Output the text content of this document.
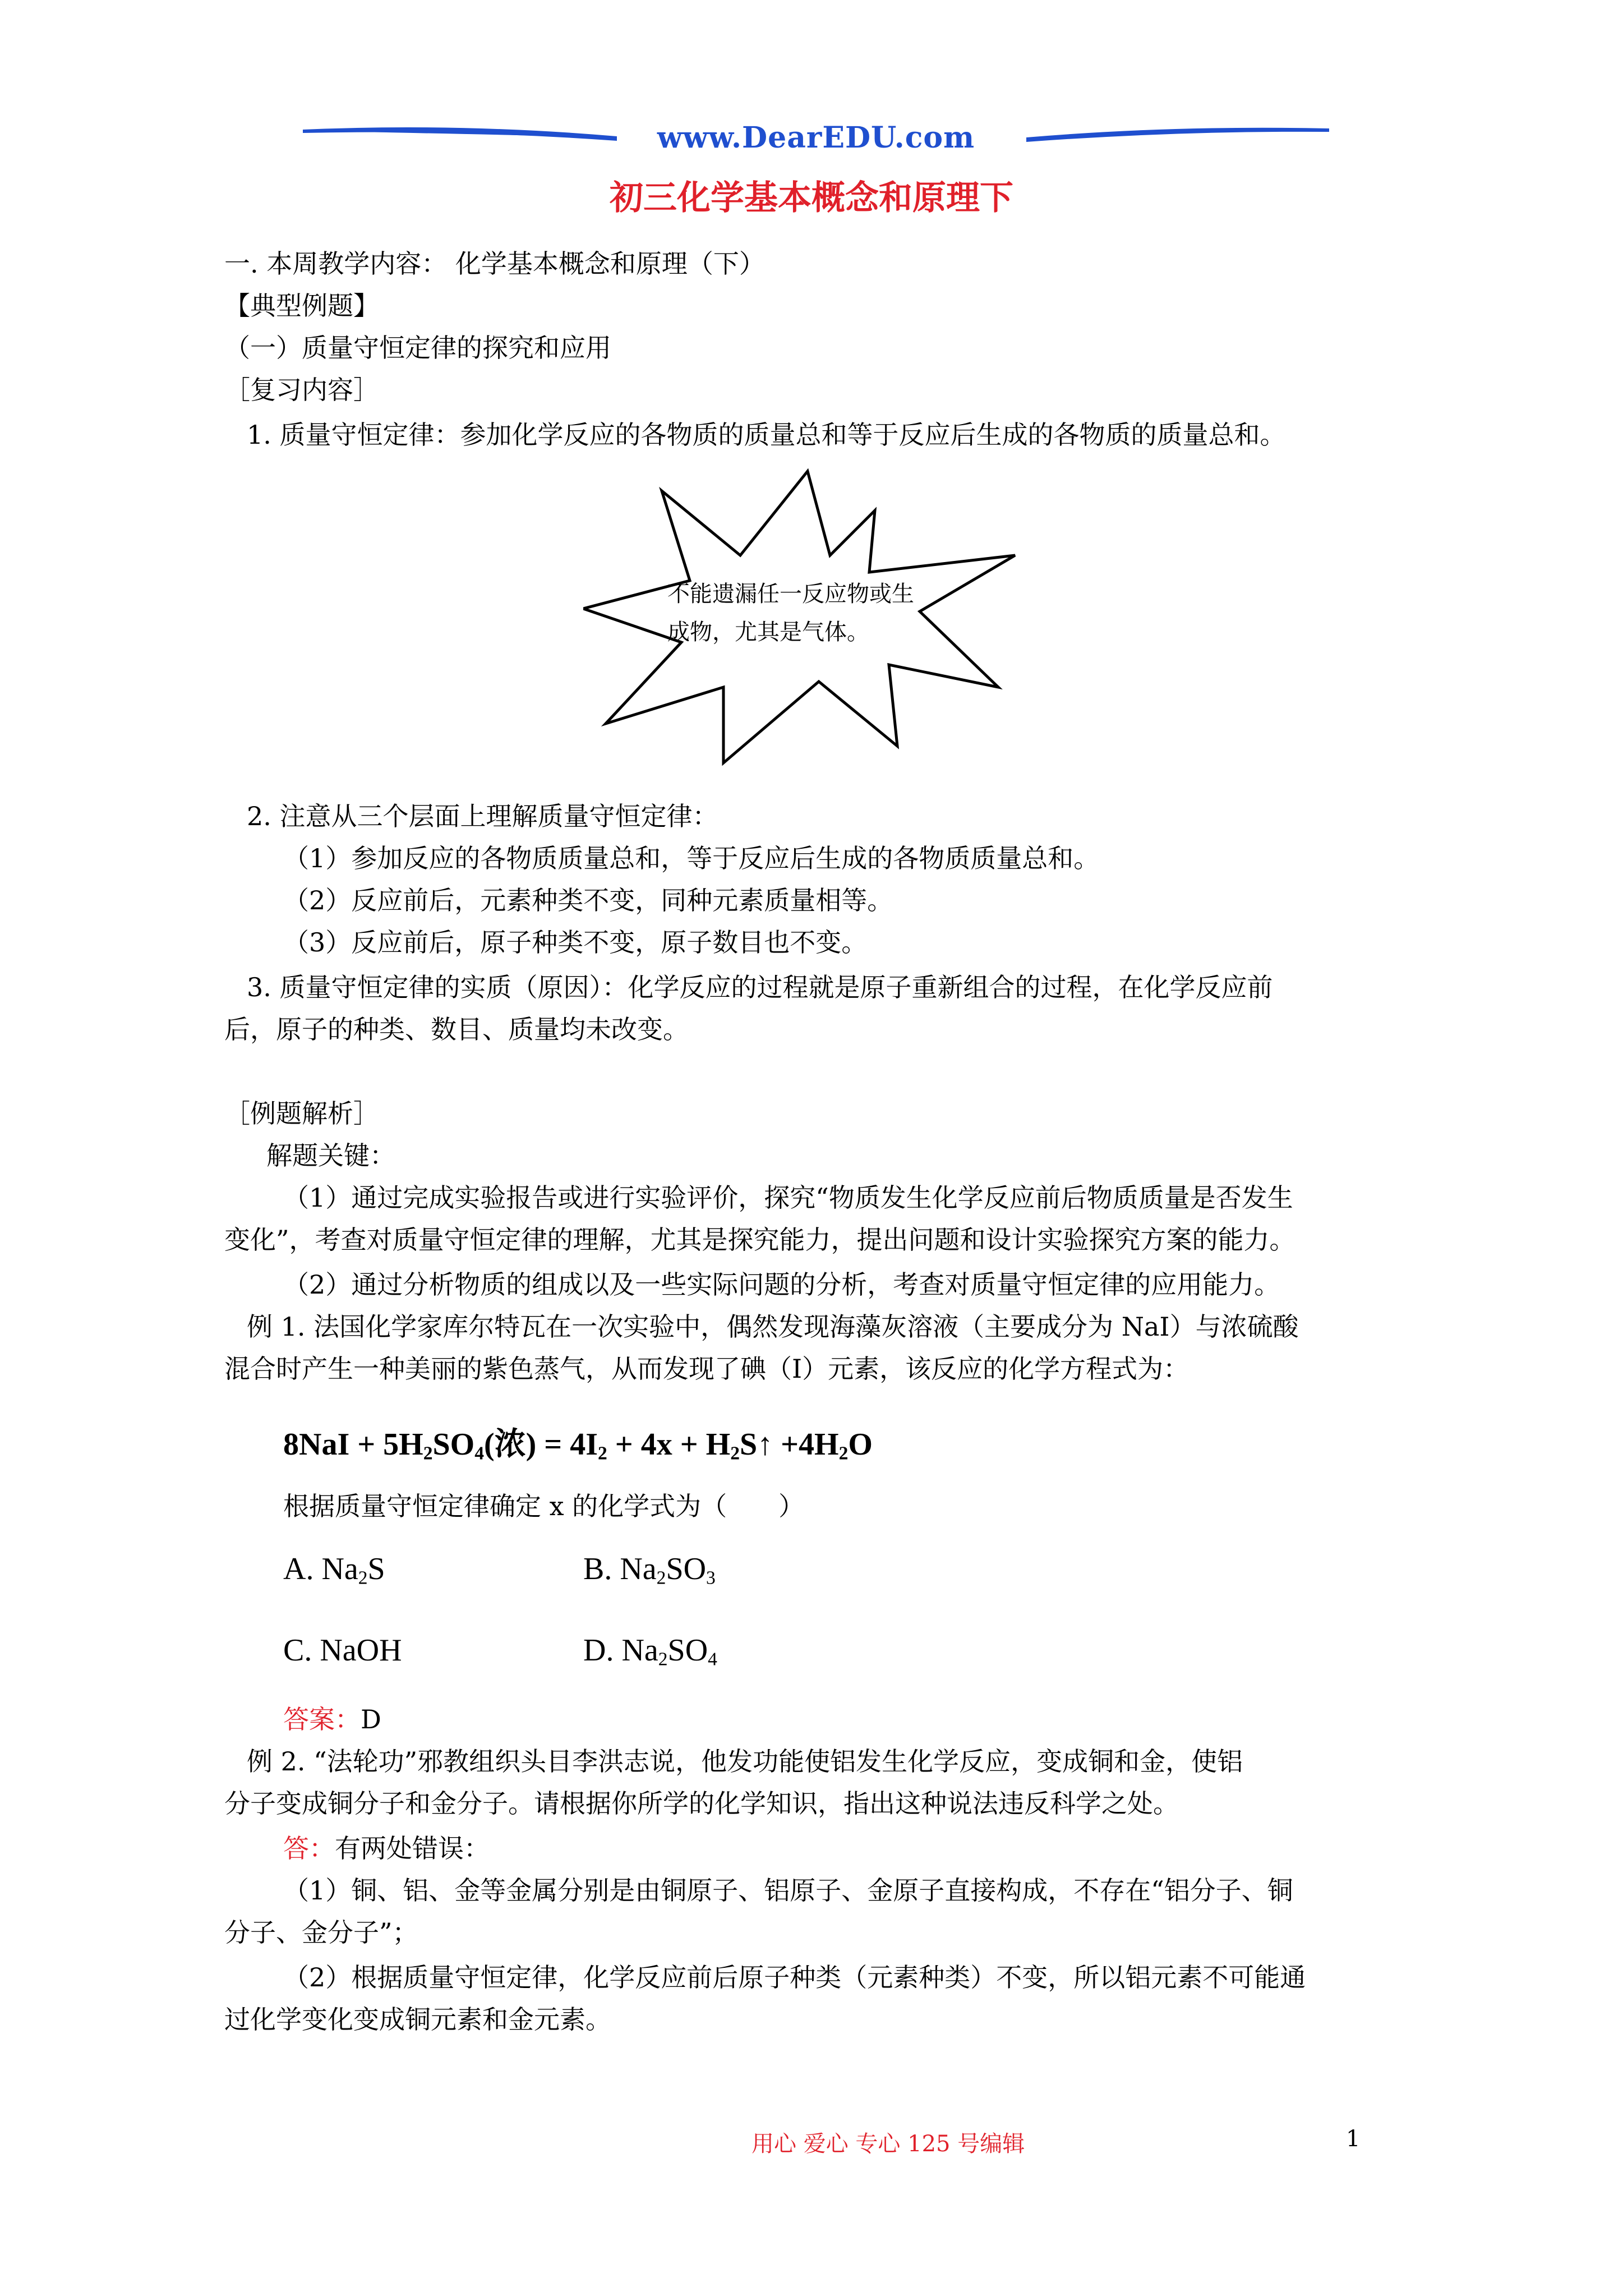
www.DearEDU.com
初三化学基本概念和原理下
一. 本周教学内容： 化学基本概念和原理（下）
【典型例题】
（一）质量守恒定律的探究和应用
［复习内容］
1. 质量守恒定律：参加化学反应的各物质的质量总和等于反应后生成的各物质的质量总和。
不能遗漏任一反应物或生
成物，尤其是气体。
2. 注意从三个层面上理解质量守恒定律：
（1）参加反应的各物质质量总和，等于反应后生成的各物质质量总和。
（2）反应前后，元素种类不变，同种元素质量相等。
（3）反应前后，原子种类不变，原子数目也不变。
3. 质量守恒定律的实质（原因）：化学反应的过程就是原子重新组合的过程，在化学反应前
后，原子的种类、数目、质量均未改变。
［例题解析］
解题关键：
（1）通过完成实验报告或进行实验评价，探究“物质发生化学反应前后物质质量是否发生
变化”，考查对质量守恒定律的理解，尤其是探究能力，提出问题和设计实验探究方案的能力。
（2）通过分析物质的组成以及一些实际问题的分析，考查对质量守恒定律的应用能力。
例 1. 法国化学家库尔特瓦在一次实验中，偶然发现海藻灰溶液（主要成分为 NaI）与浓硫酸
混合时产生一种美丽的紫色蒸气，从而发现了碘（I）元素，该反应的化学方程式为：
$8NaI + 5H_2SO_4$(浓) = $4I_2 + 4x$ + $H_2S↑ +4H_2O$
根据质量守恒定律确定 x 的化学式为（　　）
A. $Na_2S$	B. $Na_2SO_3$
C. NaOH	D. $Na_2SO_4$
答案：D
例 2. “法轮功”邪教组织头目李洪志说，他发功能使铝发生化学反应，变成铜和金，使铝
分子变成铜分子和金分子。请根据你所学的化学知识，指出这种说法违反科学之处。
答：有两处错误：
（1）铜、铝、金等金属分别是由铜原子、铝原子、金原子直接构成，不存在“铝分子、铜
分子、金分子”；
（2）根据质量守恒定律，化学反应前后原子种类（元素种类）不变，所以铝元素不可能通
过化学变化变成铜元素和金元素。
用心 爱心 专心 125 号编辑	1
